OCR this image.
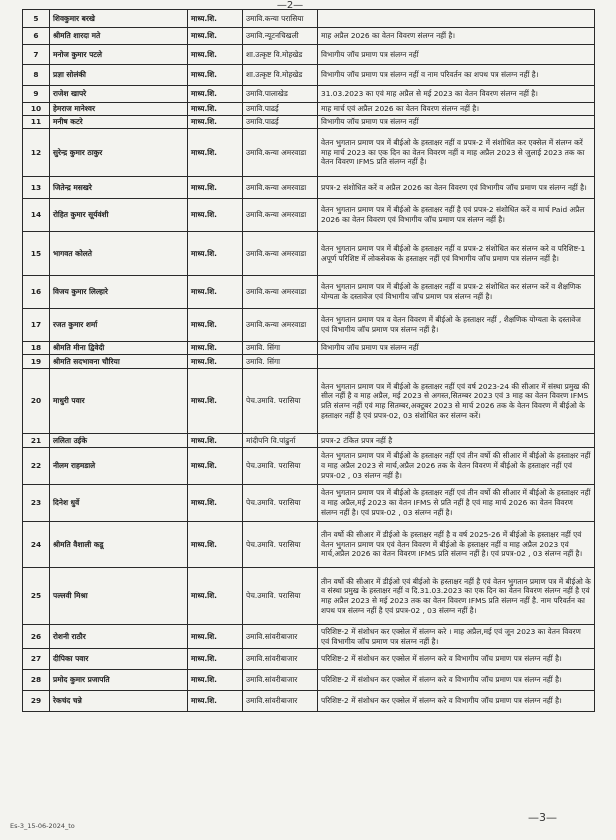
—2—
5	शिवकुमार बरखे	माध्य.शि.	उमावि.कन्या परासिया	
6	श्रीमति शारदा मते	माध्य.शि.	उमावि.न्यूटनचिखली	माह अप्रैल 2026 का वेतन विवरण संलग्न नहीं है।
7	मनोज कुमार पटले	माध्य.शि.	शा.उत्कृष्ट वि.मोहखेड	विभागीय जॉच प्रमाण पत्र संलग्न नहीं
8	प्रज्ञा सोलंकी	माध्य.शि.	शा.उत्कृष्ट वि.मोहखेड	विभागीय जॉच प्रमाण पत्र संलग्न नहीं व नाम परिवर्तन का शपथ पत्र संलग्न नहीं है।
9	राजेश खापरे	माध्य.शि.	उमावि.पालाखेड	31.03.2023 का एवं माह अप्रैल से मई 2023 का वेतन विवरण संलग्न नहीं है।
10	हेमराज मानेश्वर	माध्य.शि.	उमावि.पाढर्ई	माह मार्च एवं अप्रैल 2026 का वेतन विवरण संलग्न नहीं है।
11	मनीष कटरे	माध्य.शि.	उमावि.पाढर्ई	विभागीय जॉच प्रमाण पत्र संलग्न नहीं
12	सुरेन्द्र कुमार ठाकुर	माध्य.शि.	उमावि.कन्या अमरवाडा	वेतन भुगतान प्रमाण पत्र में बीईओ के हस्ताक्षर नहीं व प्रपत्र-2 में संशोधित कर एक्सेल में संलग्न करें माह मार्च 2023 का एक दिन का वेतन विवरण नहीं व माह अप्रैल 2023 से जुलाई 2023 तक का वेतन विवरण IFMS प्रति संलग्न नहीं है।
13	जितेन्द्र मसखरे	माध्य.शि.	उमावि.कन्या अमरवाडा	प्रपत्र-2 संशोधित करें व अप्रैल 2026 का वेतन विवरण एवं विभागीय जॉच प्रमाण पत्र संलग्न नहीं है।
14	रोहित कुमार सूर्यवंशी	माध्य.शि.	उमावि.कन्या अमरवाडा	वेतन भुगतान प्रमाण पत्र में बीईओ के हस्ताक्षर नहीं है एवं प्रपत्र-2 संशोधित करें व मार्च Paid अप्रैल 2026 का वेतन विवरण एवं विभागीय जॉच प्रमाण पत्र संलग्न नहीं है।
15	भागवत कोलते	माध्य.शि.	उमावि.कन्या अमरवाडा	वेतन भुगतान प्रमाण पत्र में बीईओ के हस्ताक्षर नहीं व प्रपत्र-2 संशोधित कर संलग्न करे व परिशिष्ट-1 अपूर्ण परिशिष्ट में लोकसेवक के हस्ताक्षर नहीं एवं विभागीय जॉच प्रमाण पत्र संलग्न नहीं है।
16	विजय कुमार लिल्हारे	माध्य.शि.	उमावि.कन्या अमरवाडा	वेतन भुगतान प्रमाण पत्र में बीईओ के हस्ताक्षर नहीं व प्रपत्र-2 संशोधित कर संलग्न करें व शैक्षणिक योग्यता के दस्तावेज एवं विभागीय जॉच प्रमाण पत्र संलग्न नहीं है।
17	रजत कुमार शर्मा	माध्य.शि.	उमावि.कन्या अमरवाडा	वेतन भुगतान प्रमाण पत्र व वेतन विवरण में बीईओ के हस्ताक्षर नहीं , शैक्षणिक योग्यता के दस्तावेज एवं विभागीय जॉच प्रमाण पत्र संलग्न नहीं है।
18	श्रीमति मीना द्विवेदी	माध्य.शि.	उमावि. सिंगा	विभागीय जॉच प्रमाण पत्र संलग्न नहीं
19	श्रीमति सदभावना चौरिया	माध्य.शि.	उमावि. सिंगा	
20	माधुरी पवार	माध्य.शि.	पेच.उमावि. परासिया	वेतन भुगतान प्रमाण पत्र में बीईओ के हस्ताक्षर नहीं एवं वर्ष 2023-24 की सीआर में संस्था प्रमुख की सील नहीं है व माह अप्रैल, मई 2023 से अगस्त,सितम्बर 2023 एवं 3 माह का वेतन विवरण IFMS प्रति संलग्न नहीं एवं माह सितम्बर,अक्टूबर 2023 से मार्च 2026 तक के वेतन विवरण में बीईओ के हस्ताक्षर नहीं है एवं प्रपत्र-02, 03 संशोधित कर संलग्न करें।
21	ललिता उईके	माध्य.शि.	मांदीपनि वि.पांढुर्ना	प्रपत्र-2 टंकित प्रपत्र नहीं है
22	नीलम राहमडाले	माध्य.शि.	पेच.उमावि. परासिया	वेतन भुगतान प्रमाण पत्र में बीईओ के हस्ताक्षर नहीं एवं तीन वर्षो की सीआर में बीईओ के हस्ताक्षर नहीं व माह अप्रैल 2023 से मार्च,अप्रैल 2026 तक के वेतन विवरण में बीईओ के हस्ताक्षर नहीं एवं प्रपत्र-02 , 03 संलग्न नहीं है।
23	दिनेश धुर्वे	माध्य.शि.	पेच.उमावि. परासिया	वेतन भुगतान प्रमाण पत्र में बीईओ के हस्ताक्षर नहीं एवं तीन वर्षो की सीआर में बीईओ के हस्ताक्षर नहीं व माह अप्रैल,मई 2023 का वेतन IFMS से प्रति नहीं है एवं माह मार्च 2026 का वेतन विवरण संलग्न नहीं है। एवं प्रपत्र-02 , 03 संलग्न नहीं है।
24	श्रीमति वैशाली कडू	माध्य.शि.	पेच.उमावि. परासिया	तीन वर्षो की सीआर में डीईओ के हस्ताक्षर नहीं है व वर्ष 2025-26 में बीईओ के हस्ताक्षर नहीं एवं वेतन भुगतान प्रमाण पत्र एवं वेतन विवरण में बीईओ के हस्ताक्षर नहीं व माह अप्रैल 2023 एवं मार्च,अप्रैल 2026 का वेतन विवरण IFMS प्रति संलग्न नहीं है। एवं प्रपत्र-02 , 03 संलग्न नहीं है।
25	पल्लवी मिश्रा	माध्य.शि.	पेच.उमावि. परासिया	तीन वर्षो की सीआर में डीईओ एवं बीईओ के हस्ताक्षर नहीं है एवं वेतन भुगतान प्रमाण पत्र में बीईओ के व संस्था प्रमुख के हस्ताक्षर नहीं व दि.31.03.2023 का एक दिन का वेतन विवरण संलग्न नहीं है एवं माह अप्रैल 2023 से मई 2023 तक का वेतन विवरण IFMS प्रति संलग्न नहीं है. नाम परिवर्तन का शपथ पत्र संलग्न नहीं है एवं प्रपत्र-02 , 03 संलग्न नहीं है।
26	रोशनी राठौर	माध्य.शि.	उमावि.सांवरीबाजार	परिशिष्ट-2 में संशोधन कर एक्सेल में संलग्न करे । माह अप्रैल,मई एवं जून 2023 का वेतन विवरण एवं विभागीय जॉच प्रमाण पत्र संलग्न नहीं है।
27	दीपिका पवार	माध्य.शि.	उमावि.सांवरीबाजार	परिशिष्ट-2 में संशोधन कर एक्सेल में संलग्न करे व विभागीय जॉच प्रमाण पत्र संलग्न नहीं है।
28	प्रमोद कुमार प्रजापति	माध्य.शि.	उमावि.सांवरीबाजार	परिशिष्ट-2 में संशोधन कर एक्सेल में संलग्न करे व विभागीय जॉच प्रमाण पत्र संलग्न नहीं है।
29	रेकचंद चन्ने	माध्य.शि.	उमावि.सांवरीबाजार	परिशिष्ट-2 में संशोधन कर एक्सेल में संलग्न करे व विभागीय जॉच प्रमाण पत्र संलग्न नहीं है।
Es-3_15-06-2024_to
—3—
